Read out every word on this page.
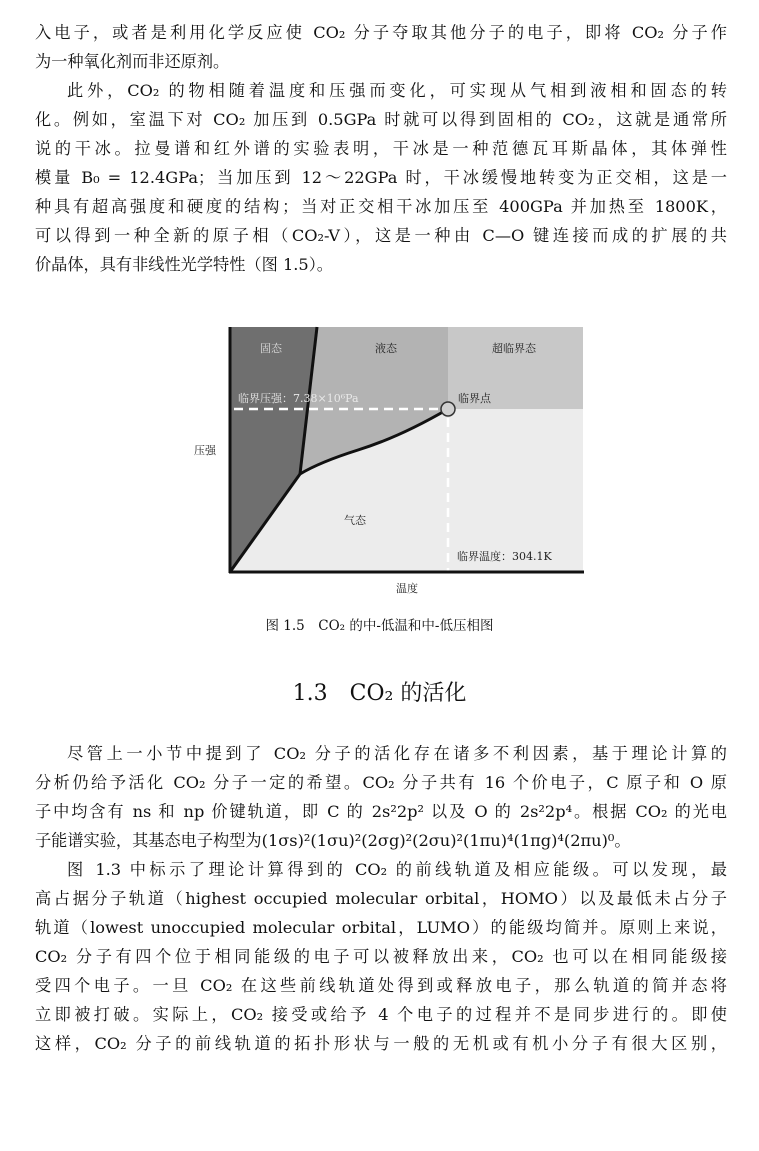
入电子，或者是利用化学反应使 CO₂ 分子夺取其他分子的电子，即将 CO₂ 分子作
为一种氧化剂而非还原剂。
此外，CO₂ 的物相随着温度和压强而变化，可实现从气相到液相和固态的转
化。例如，室温下对 CO₂ 加压到 0.5GPa 时就可以得到固相的 CO₂，这就是通常所
说的干冰。拉曼谱和红外谱的实验表明，干冰是一种范德瓦耳斯晶体，其体弹性
模量 B₀ = 12.4GPa；当加压到 12～22GPa 时，干冰缓慢地转变为正交相，这是一
种具有超高强度和硬度的结构；当对正交相干冰加压至 400GPa 并加热至 1800K，
可以得到一种全新的原子相（CO₂-V），这是一种由 C—O 键连接而成的扩展的共
价晶体，具有非线性光学特性（图 1.5）。
固态	液态	超临界态
临界压强：7.38×10⁶Pa	临界点
气态
临界温度：304.1K
压强
温度
图 1.5　CO₂ 的中-低温和中-低压相图
1.3　CO₂ 的活化
尽管上一小节中提到了 CO₂ 分子的活化存在诸多不利因素，基于理论计算的
分析仍给予活化 CO₂ 分子一定的希望。CO₂ 分子共有 16 个价电子，C 原子和 O 原
子中均含有 ns 和 np 价键轨道，即 C 的 2s²2p² 以及 O 的 2s²2p⁴。根据 CO₂ 的光电
子能谱实验，其基态电子构型为(1σs)²(1σu)²(2σg)²(2σu)²(1πu)⁴(1πg)⁴(2πu)⁰。
图 1.3 中标示了理论计算得到的 CO₂ 的前线轨道及相应能级。可以发现，最
高占据分子轨道（highest occupied molecular orbital，HOMO）以及最低未占分子
轨道（lowest unoccupied molecular orbital，LUMO）的能级均简并。原则上来说，
CO₂ 分子有四个位于相同能级的电子可以被释放出来，CO₂ 也可以在相同能级接
受四个电子。一旦 CO₂ 在这些前线轨道处得到或释放电子，那么轨道的简并态将
立即被打破。实际上，CO₂ 接受或给予 4 个电子的过程并不是同步进行的。即使
这样，CO₂ 分子的前线轨道的拓扑形状与一般的无机或有机小分子有很大区别，
